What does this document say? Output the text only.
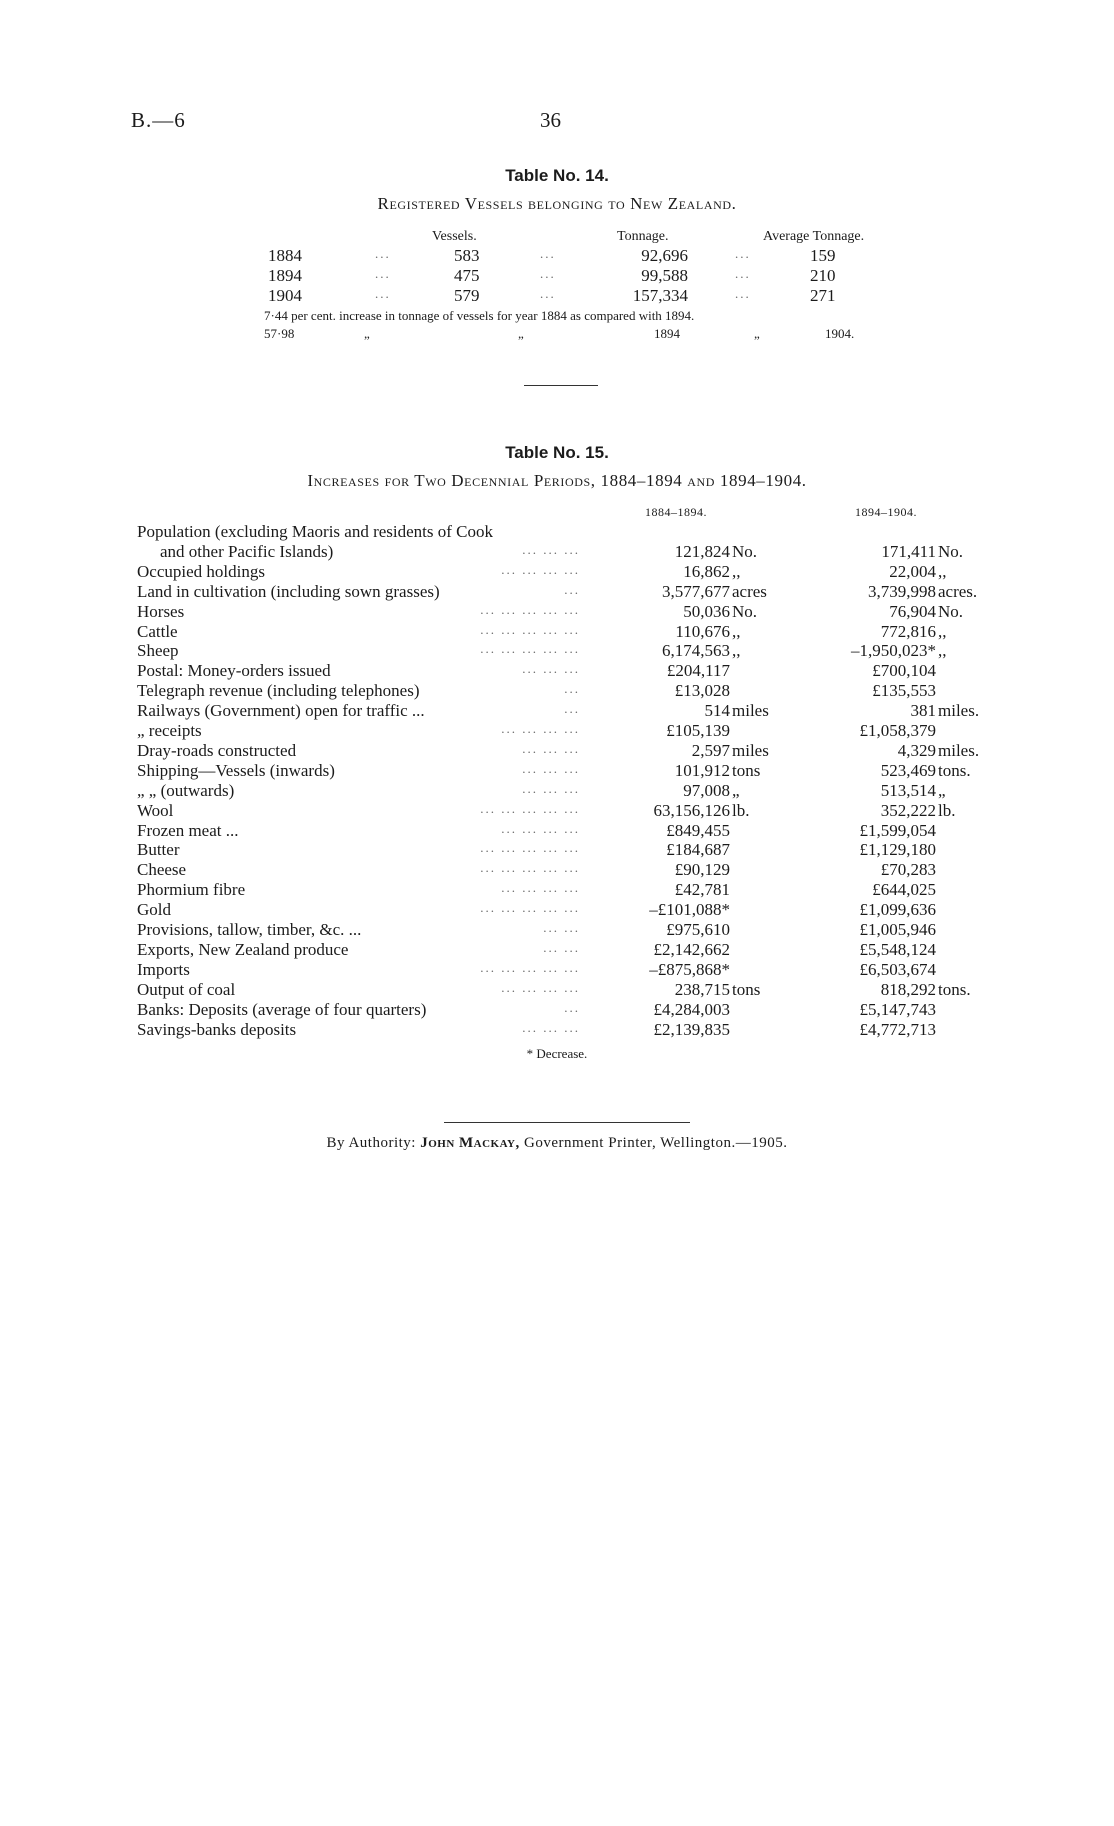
B.—6	36
Table No. 14.
Registered Vessels belonging to New Zealand.
Vessels.	Tonnage.	Average Tonnage.
1884	...	583	...	92,696	...	159
1894	...	475	...	99,588	...	210
1904	...	579	...	157,334	...	271
7·44 per cent. increase in tonnage of vessels for year 1884 as compared with 1894.
57·98	„	„	1894	„	1904.
Table No. 15.
Increases for Two Decennial Periods, 1884–1894 and 1894–1904.
1884–1894.	1894–1904.
Population (excluding Maoris and residents of Cook
and other Pacific Islands)	... ... ...	121,824 No.	171,411 No.
Occupied holdings	... ... ... ...	16,862 ,,	22,004 ,,
Land in cultivation (including sown grasses)	...	3,577,677 acres	3,739,998 acres.
Horses	... ... ... ... ...	50,036 No.	76,904 No.
Cattle	... ... ... ... ...	110,676 ,,	772,816 ,,
Sheep	... ... ... ... ...	6,174,563 ,,	–1,950,023* ,,
Postal: Money-orders issued	... ... ...	£204,117	£700,104
Telegraph revenue (including telephones)	...	£13,028	£135,553
Railways (Government) open for traffic ...	...	514 miles	381 miles.
„ receipts	... ... ... ...	£105,139	£1,058,379
Dray-roads constructed	... ... ...	2,597 miles	4,329 miles.
Shipping—Vessels (inwards)	... ... ...	101,912 tons	523,469 tons.
„ „ (outwards)	... ... ...	97,008 „	513,514 „
Wool	... ... ... ... ...	63,156,126 lb.	352,222 lb.
Frozen meat ...	... ... ... ...	£849,455	£1,599,054
Butter	... ... ... ... ...	£184,687	£1,129,180
Cheese	... ... ... ... ...	£90,129	£70,283
Phormium fibre	... ... ... ...	£42,781	£644,025
Gold	... ... ... ... ...	–£101,088*	£1,099,636
Provisions, tallow, timber, &c. ...	... ...	£975,610	£1,005,946
Exports, New Zealand produce	... ...	£2,142,662	£5,548,124
Imports	... ... ... ... ...	–£875,868*	£6,503,674
Output of coal	... ... ... ...	238,715 tons	818,292 tons.
Banks: Deposits (average of four quarters)	...	£4,284,003	£5,147,743
Savings-banks deposits	... ... ...	£2,139,835	£4,772,713
* Decrease.
By Authority: John Mackay, Government Printer, Wellington.—1905.
